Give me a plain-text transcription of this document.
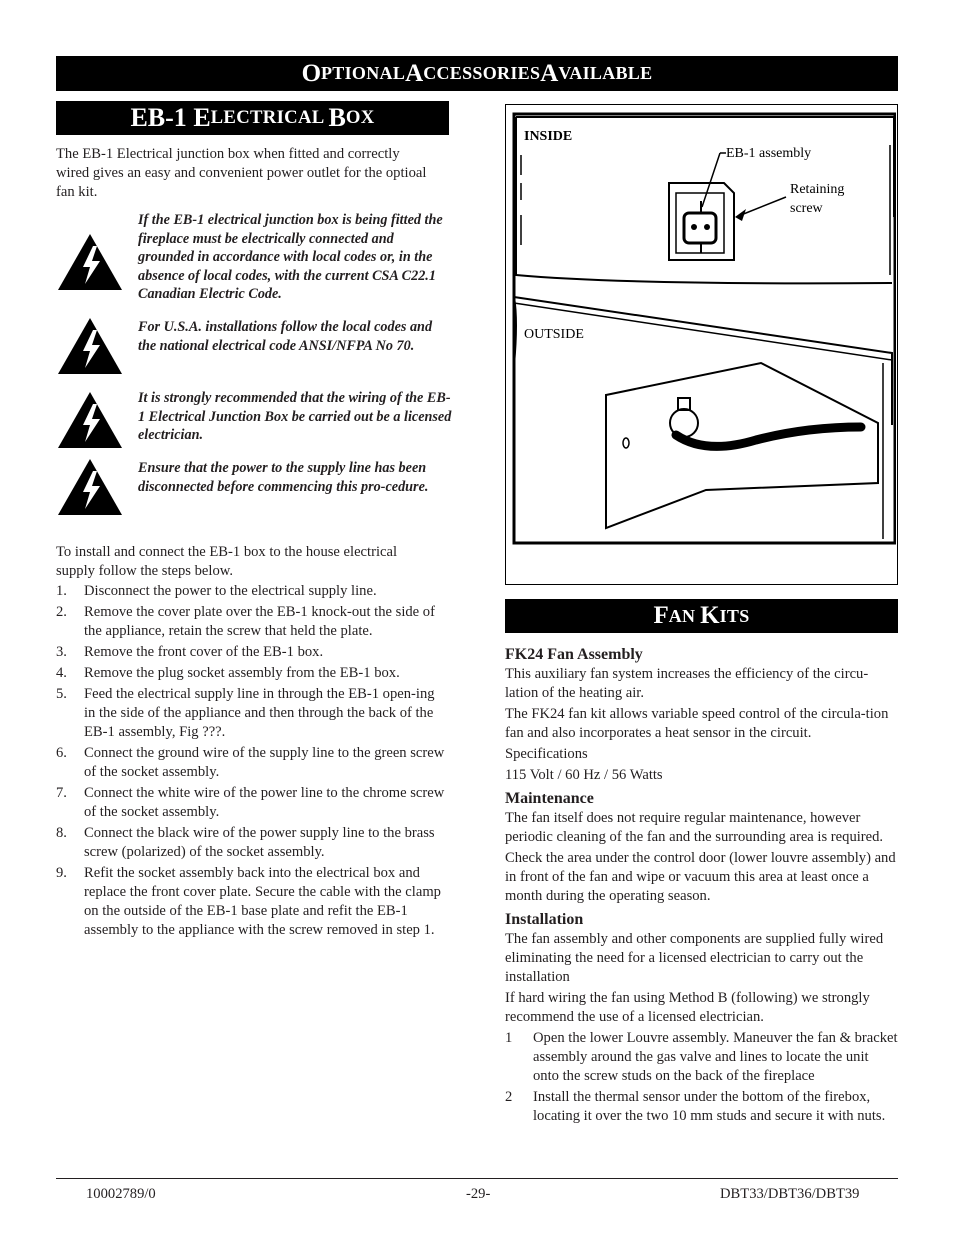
O PTIONAL A CCESSORIES A VAILABLE
EB-1 E LECTRICAL B OX

The EB-1 Electrical junction box when fitted and correctly wired gives an easy and convenient power outlet for the optioal fan kit.

If the EB-1 electrical junction box is being fitted the fireplace must be electrically connected and grounded in accordance with local codes or, in the absence of local codes, with the current CSA C22.1 Canadian Electric Code.

For U.S.A. installations follow the local codes and the national electrical code ANSI/NFPA No 70.

It is strongly recommended that the wiring of the EB-1 Electrical Junction Box be carried out be a licensed electrician.

Ensure that the power to the supply line has been disconnected before commencing this pro-cedure.

To install and connect the EB-1 box to the house electrical supply follow the steps below.

1.	Disconnect the power to the electrical supply line.
2.	Remove the cover plate over the EB-1 knock-out the side of the appliance, retain the screw that held the plate.
3.	Remove the front cover of the EB-1 box.
4.	Remove the plug socket assembly from the EB-1 box.
5.	Feed the electrical supply line in through the EB-1 open-ing in the side of the appliance and then through the back of the EB-1 assembly, Fig ???.
6.	Connect the ground wire of the supply line to the green screw of the socket assembly.
7.	Connect the white wire of the power line to the chrome screw of the socket assembly.
8.	Connect the black wire of the power supply line to the brass screw (polarized) of the socket assembly.
9.	Refit the socket assembly back into the electrical box and replace the front cover plate. Secure the cable with the clamp on the outside of the EB-1 base plate and refit the EB-1 assembly to the appliance with the screw removed in step 1.
INSIDE
EB-1 assembly
Retaining
screw
OUTSIDE
F AN K ITS
FK24 Fan Assembly

This auxiliary fan system increases the efficiency of the circu-lation of the heating air.

The FK24 fan kit allows variable speed control of the circula-tion fan and also incorporates a heat sensor in the circuit.

Specifications

115 Volt / 60 Hz / 56 Watts

Maintenance

The fan itself does not require regular maintenance, however periodic cleaning of the fan and the surrounding area is required.

Check the area under the control door (lower louvre assembly) and in front of the fan and wipe or vacuum this area at least once a month during the operating season.

Installation

The fan assembly and other components are supplied fully wired eliminating the need for a licensed electrician to carry out the installation

If hard wiring the fan using Method B (following) we strongly recommend the use of a licensed electrician.

1	Open the lower Louvre assembly. Maneuver the fan & bracket assembly around the gas valve and lines to locate the unit onto the screw studs on the back of the fireplace
2	Install the thermal sensor under the bottom of the firebox, locating it over the two 10 mm studs and secure it with nuts.
10002789/0	-29-	DBT33/DBT36/DBT39
